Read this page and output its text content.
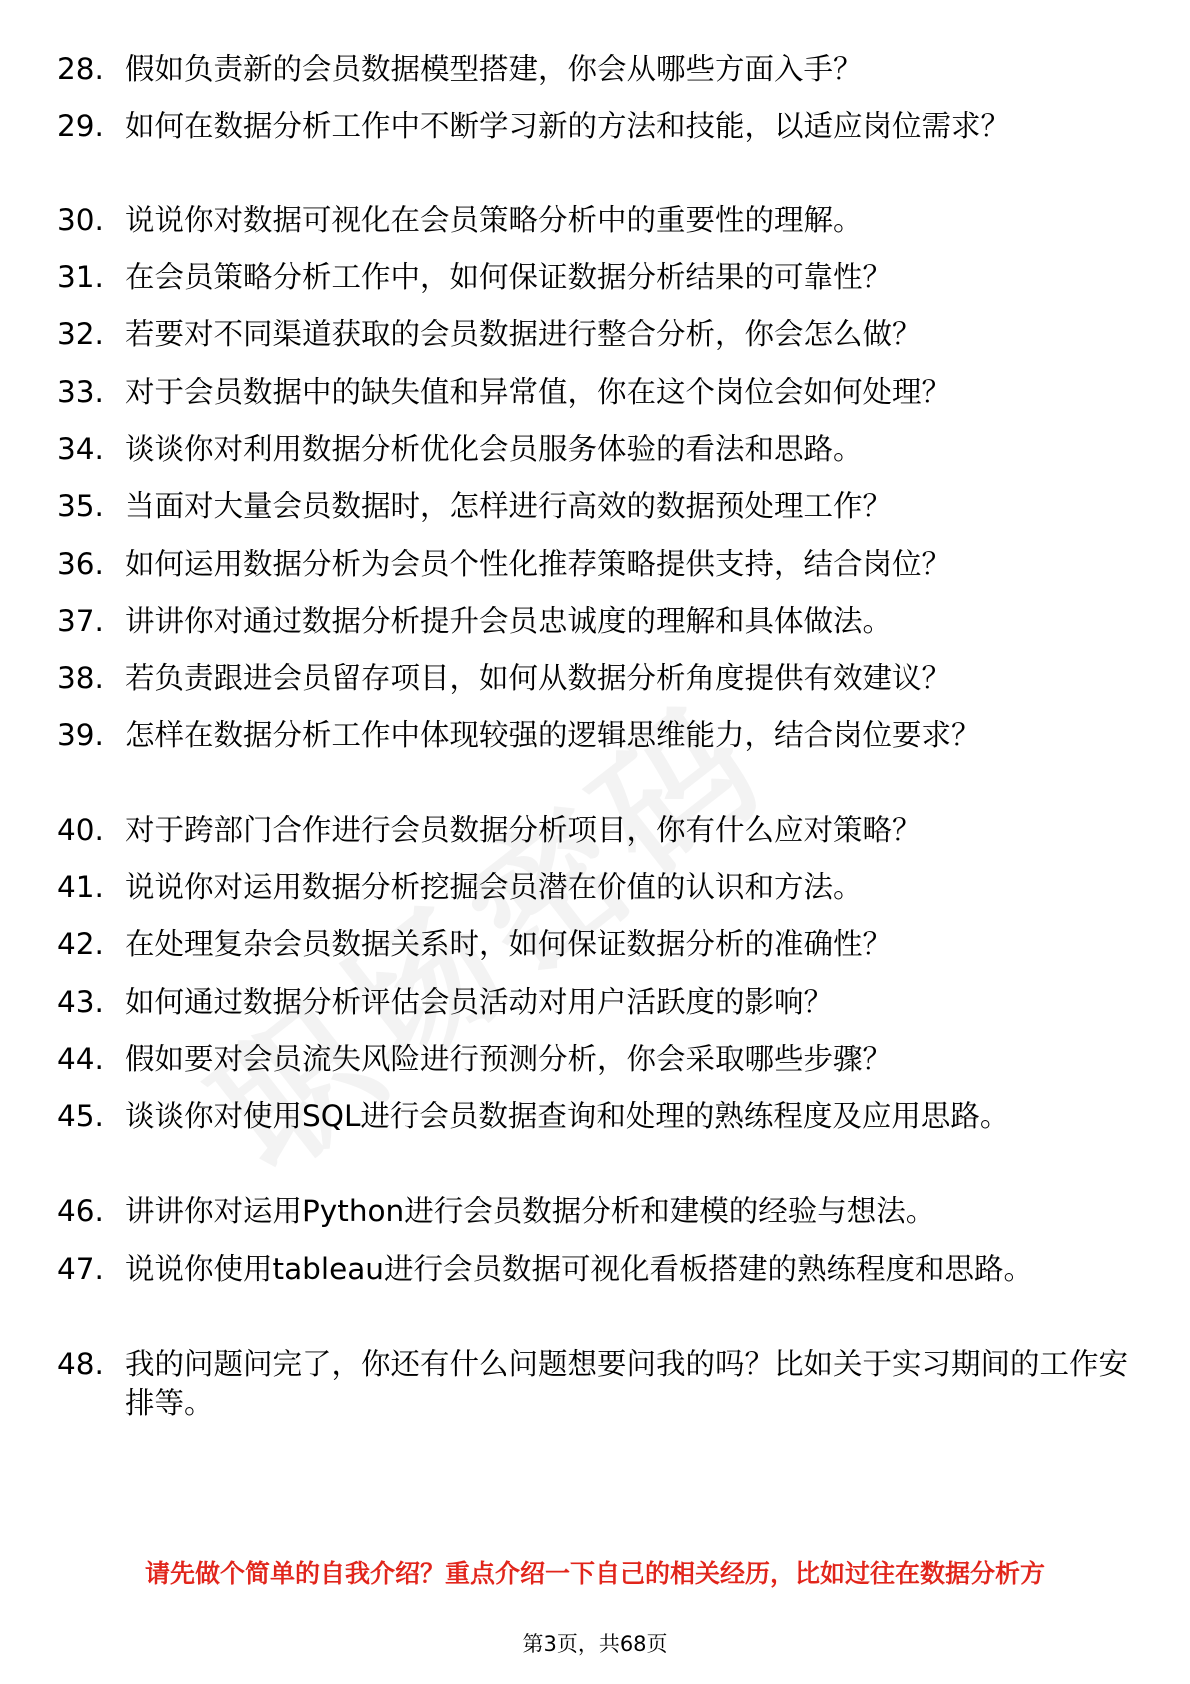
28. 假如负责新的会员数据模型搭建，你会从哪些方面入手？
29. 如何在数据分析工作中不断学习新的方法和技能，以适应岗位需求？
30. 说说你对数据可视化在会员策略分析中的重要性的理解。
31. 在会员策略分析工作中，如何保证数据分析结果的可靠性？
32. 若要对不同渠道获取的会员数据进行整合分析，你会怎么做？
33. 对于会员数据中的缺失值和异常值，你在这个岗位会如何处理？
34. 谈谈你对利用数据分析优化会员服务体验的看法和思路。
35. 当面对大量会员数据时，怎样进行高效的数据预处理工作？
36. 如何运用数据分析为会员个性化推荐策略提供支持，结合岗位？
37. 讲讲你对通过数据分析提升会员忠诚度的理解和具体做法。
38. 若负责跟进会员留存项目，如何从数据分析角度提供有效建议？
39. 怎样在数据分析工作中体现较强的逻辑思维能力，结合岗位要求？
40. 对于跨部门合作进行会员数据分析项目，你有什么应对策略？
41. 说说你对运用数据分析挖掘会员潜在价值的认识和方法。
42. 在处理复杂会员数据关系时，如何保证数据分析的准确性？
43. 如何通过数据分析评估会员活动对用户活跃度的影响？
44. 假如要对会员流失风险进行预测分析，你会采取哪些步骤？
45. 谈谈你对使用SQL进行会员数据查询和处理的熟练程度及应用思路。
46. 讲讲你对运用Python进行会员数据分析和建模的经验与想法。
47. 说说你使用tableau进行会员数据可视化看板搭建的熟练程度和思路。
48. 我的问题问完了，你还有什么问题想要问我的吗？比如关于实习期间的工作安排等。
请先做个简单的自我介绍？重点介绍一下自己的相关经历，比如过往在数据分析方
第3页，共68页
